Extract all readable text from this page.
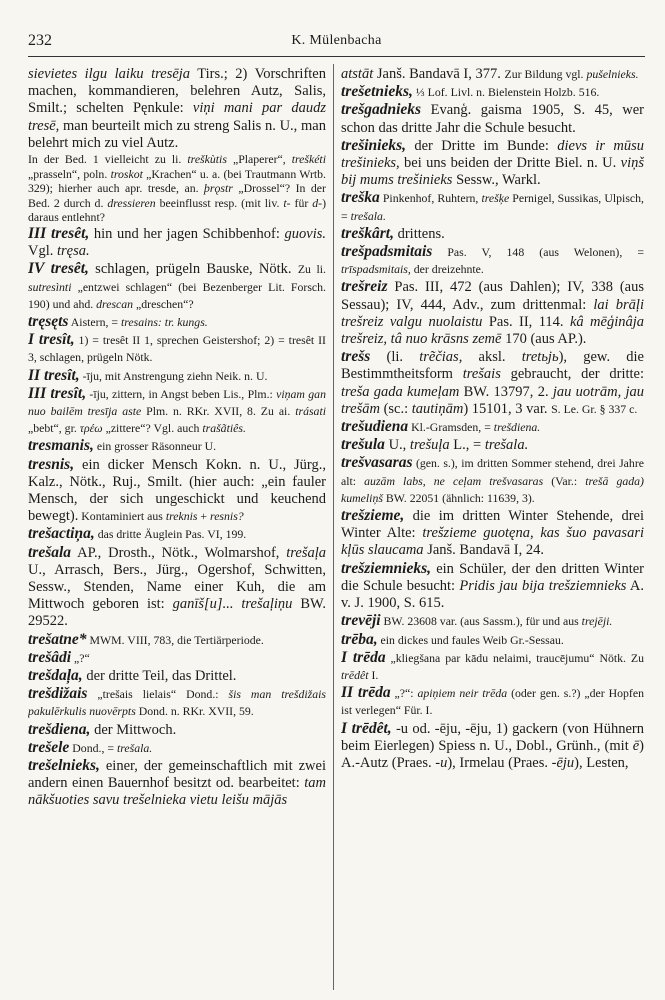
232	K. Mülenbacha

sievietes ilgu laiku tresēja Tirs.; 2) Vorschriften machen, kommandieren, belehren Autz, Salis, Smilt.; schelten Pęnkule: viņi mani par daudz tresē, man beurteilt mich zu streng Salis n. U., man belehrt mich zu viel Autz.

In der Bed. 1 vielleicht zu li. treškùtis „Plaperer“, treškéti „prasseln“, poln. troskot „Krachen“ u. a. (bei Trautmann Wrtb. 329); hierher auch apr. tresde, an. þrǫstr „Drossel“? In der Bed. 2 durch d. dressieren beeinflusst resp. (mit liv. t- für d-) daraus entlehnt?

III tresêt, hin und her jagen Schibbenhof: guovis. Vgl. tręsa.

IV tresêt, schlagen, prügeln Bauske, Nötk. Zu li. sutresìnti „entzwei schlagen“ (bei Bezenberger Lit. Forsch. 190) und ahd. drescan „dreschen“?

tręsęts Aistern, = tresains: tr. kungs.

I tresît, 1) = tresêt II 1, sprechen Geistershof; 2) = tresêt II 3, schlagen, prügeln Nötk.

II tresît, -īju, mit Anstrengung ziehn Neik. n. U.

III tresît, -īju, zittern, in Angst beben Lis., Plm.: viņam gan nuo bailēm tresīja aste Plm. n. RKr. XVII, 8. Zu ai. trásati „bebt“, gr. τρέω „zittere“? Vgl. auch trašãtiês.

tresmanis, ein grosser Räsonneur U.

tresnis, ein dicker Mensch Kokn. n. U., Jürg., Kalz., Nötk., Ruj., Smilt. (hier auch: „ein fauler Mensch, der sich ungeschickt und keuchend bewegt). Kontaminiert aus treknis + resnis?

trešactiņa, das dritte Äuglein Pas. VI, 199.

trešala AP., Drosth., Nötk., Wolmarshof, trešaļa U., Arrasch, Bers., Jürg., Ogershof, Schwitten, Sessw., Stenden, Name einer Kuh, die am Mittwoch geboren ist: ganīš[u]... trešaļiņu BW. 29522.

trešatne* MWM. VIII, 783, die Tertiärperiode.

trešâdi „?“

trešdaļa, der dritte Teil, das Drittel.

trešdižais „trešais lielais“ Dond.: šis man trešdižais pakulērkulis nuovērpts Dond. n. RKr. XVII, 59.

trešdiena, der Mittwoch.

trešele Dond., = trešala.

trešelnieks, einer, der gemeinschaftlich mit zwei andern einen Bauernhof besitzt od. bearbeitet: tam nākšuoties savu trešelnieka vietu leišu mājās

atstāt Janš. Bandavā I, 377. Zur Bildung vgl. pušelnieks.

trešetnieks, ⅓ Lof. Livl. n. Bielenstein Holzb. 516.

trešgadnieks Evanģ. gaisma 1905, S. 45, wer schon das dritte Jahr die Schule besucht.

trešinieks, der Dritte im Bunde: dievs ir mūsu trešinieks, bei uns beiden der Dritte Biel. n. U. viņš bij mums trešinieks Sessw., Warkl.

treška Pinkenhof, Ruhtern, trešķe Pernigel, Sussikas, Ulpisch, = trešala.

treškârt, drittens.

trešpadsmitais Pas. V, 148 (aus Welonen), = trīspadsmitais, der dreizehnte.

trešreiz Pas. III, 472 (aus Dahlen); IV, 338 (aus Sessau); IV, 444, Adv., zum drittenmal: lai brāļi trešreiz valgu nuolaistu Pas. II, 114. kâ mēģinâja trešreiz, tâ nuo krāsns zemē 170 (aus AP.).

trešs (li. trẽčias, aksl. tretьjь), gew. die Bestimmtheitsform trešais gebraucht, der dritte: treša gada kumeļam BW. 13797, 2. jau uotrām, jau trešām (sc.: tautiņām) 15101, 3 var. S. Le. Gr. § 337 c.

trešudiena Kl.-Gramsden, = trešdiena.

trešula U., trešuļa L., = trešala.

trešvasaras (gen. s.), im dritten Sommer stehend, drei Jahre alt: auzām labs, ne ceļam trešvasaras (Var.: trešā gada) kumeliņš BW. 22051 (ähnlich: 11639, 3).

trešzieme, die im dritten Winter Stehende, drei Winter Alte: trešzieme guotęna, kas šuo pavasari kļūs slaucama Janš. Bandavā I, 24.

trešziemnieks, ein Schüler, der den dritten Winter die Schule besucht: Pridis jau bija trešziemnieks A. v. J. 1900, S. 615.

trevēji BW. 23608 var. (aus Sassm.), für und aus trejēji.

trēba, ein dickes und faules Weib Gr.-Sessau.

I trēda „kliegšana par kādu nelaimi, traucējumu“ Nötk. Zu trēdêt I.

II trēda „?“: apiņiem neir trēda (oder gen. s.?) „der Hopfen ist verlegen“ Für. I.

I trēdêt, -u od. -ēju, -ēju, 1) gackern (von Hühnern beim Eierlegen) Spiess n. U., Dobl., Grünh., (mit ē) A.-Autz (Praes. -u), Irmelau (Praes. -ēju), Lesten,
